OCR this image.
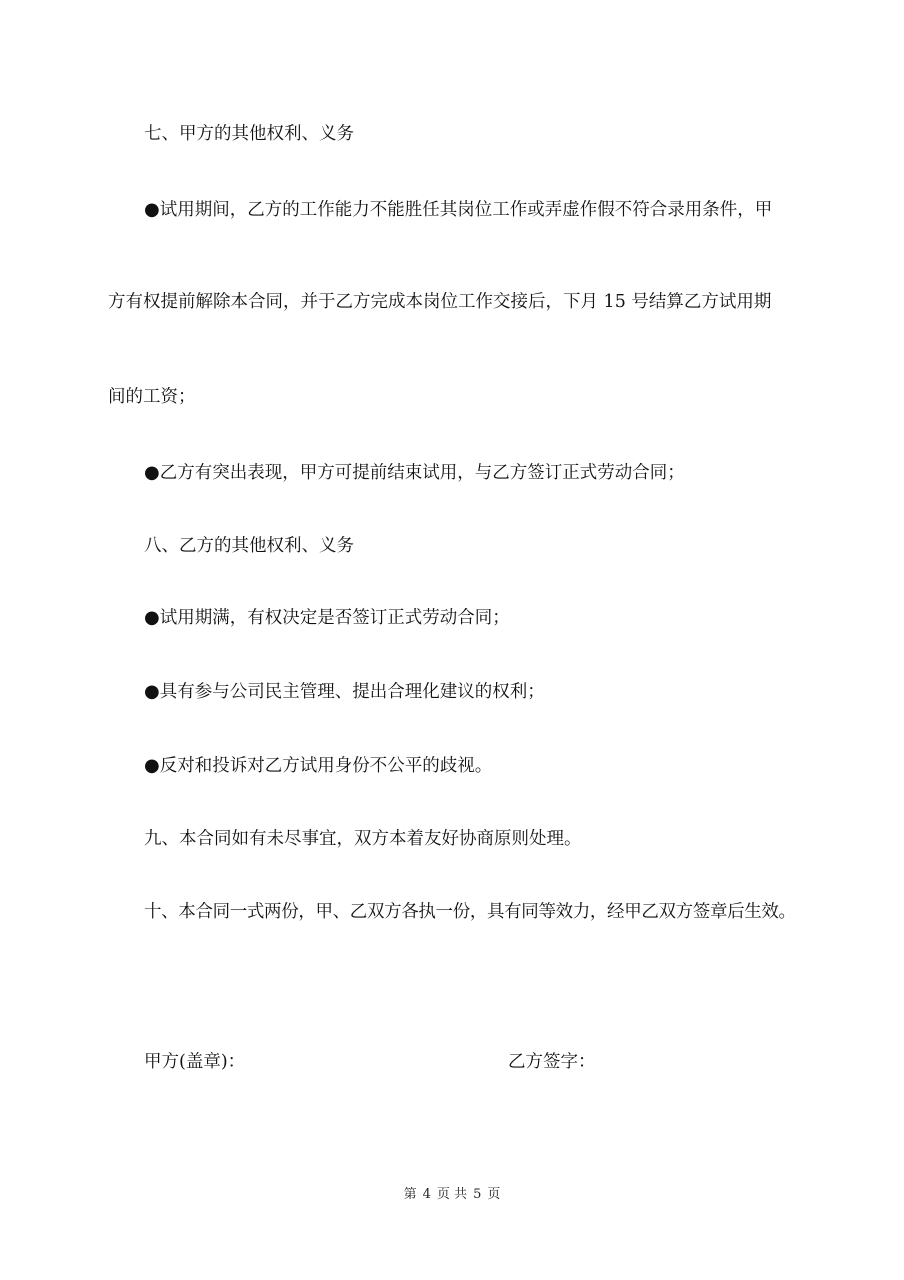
七、甲方的其他权利、义务

●试用期间，乙方的工作能力不能胜任其岗位工作或弄虚作假不符合录用条件，甲

方有权提前解除本合同，并于乙方完成本岗位工作交接后，下月 15 号结算乙方试用期

间的工资；

●乙方有突出表现，甲方可提前结束试用，与乙方签订正式劳动合同；

八、乙方的其他权利、义务

●试用期满，有权决定是否签订正式劳动合同；

●具有参与公司民主管理、提出合理化建议的权利；

●反对和投诉对乙方试用身份不公平的歧视。

九、本合同如有未尽事宜，双方本着友好协商原则处理。

十、本合同一式两份，甲、乙双方各执一份，具有同等效力，经甲乙双方签章后生效。

甲方(盖章)：	乙方签字：

第 4 页 共 5 页
